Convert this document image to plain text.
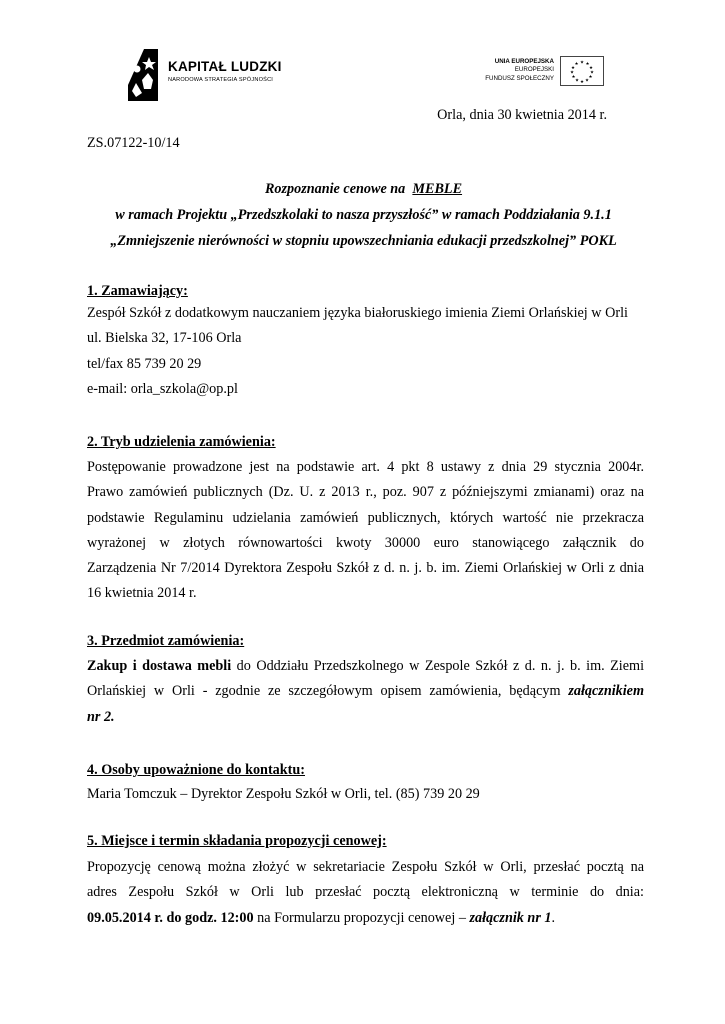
KAPITAŁ LUDZKI
NARODOWA STRATEGIA SPÓJNOŚCI
UNIA EUROPEJSKA
EUROPEJSKI
FUNDUSZ SPOŁECZNY
★ ★
★
★
★
★
★
★
★
★
★
★
Orla, dnia 30 kwietnia 2014 r.
ZS.07122-10/14
Rozpoznanie cenowe na MEBLE
w ramach Projektu „Przedszkolaki to nasza przyszłość” w ramach Poddziałania 9.1.1
„Zmniejszenie nierówności w stopniu upowszechniania edukacji przedszkolnej” POKL
1. Zamawiający:
Zespół Szkół z dodatkowym nauczaniem języka białoruskiego imienia Ziemi Orlańskiej w Orli
ul. Bielska 32, 17-106 Orla
tel/fax 85 739 20 29
e-mail: orla_szkola@op.pl
2. Tryb udzielenia zamówienia:
Postępowanie prowadzone jest na podstawie art. 4 pkt 8 ustawy z dnia 29 stycznia 2004r.
Prawo zamówień publicznych (Dz. U. z 2013 r., poz. 907 z późniejszymi zmianami) oraz na
podstawie Regulaminu udzielania zamówień publicznych, których wartość nie przekracza
wyrażonej w złotych równowartości kwoty 30000 euro stanowiącego załącznik do
Zarządzenia Nr 7/2014 Dyrektora Zespołu Szkół z d. n. j. b. im. Ziemi Orlańskiej w Orli z dnia
16 kwietnia 2014 r.
3. Przedmiot zamówienia:
Zakup i dostawa mebli do Oddziału Przedszkolnego w Zespole Szkół z d. n. j. b. im. Ziemi
Orlańskiej w Orli - zgodnie ze szczegółowym opisem zamówienia, będącym załącznikiem
nr 2.
4. Osoby upoważnione do kontaktu:
Maria Tomczuk – Dyrektor Zespołu Szkół w Orli, tel. (85) 739 20 29
5. Miejsce i termin składania propozycji cenowej:
Propozycję cenową można złożyć w sekretariacie Zespołu Szkół w Orli, przesłać pocztą na
adres Zespołu Szkół w Orli lub przesłać pocztą elektroniczną w terminie do dnia:
09.05.2014 r. do godz. 12:00 na Formularzu propozycji cenowej – załącznik nr 1.
